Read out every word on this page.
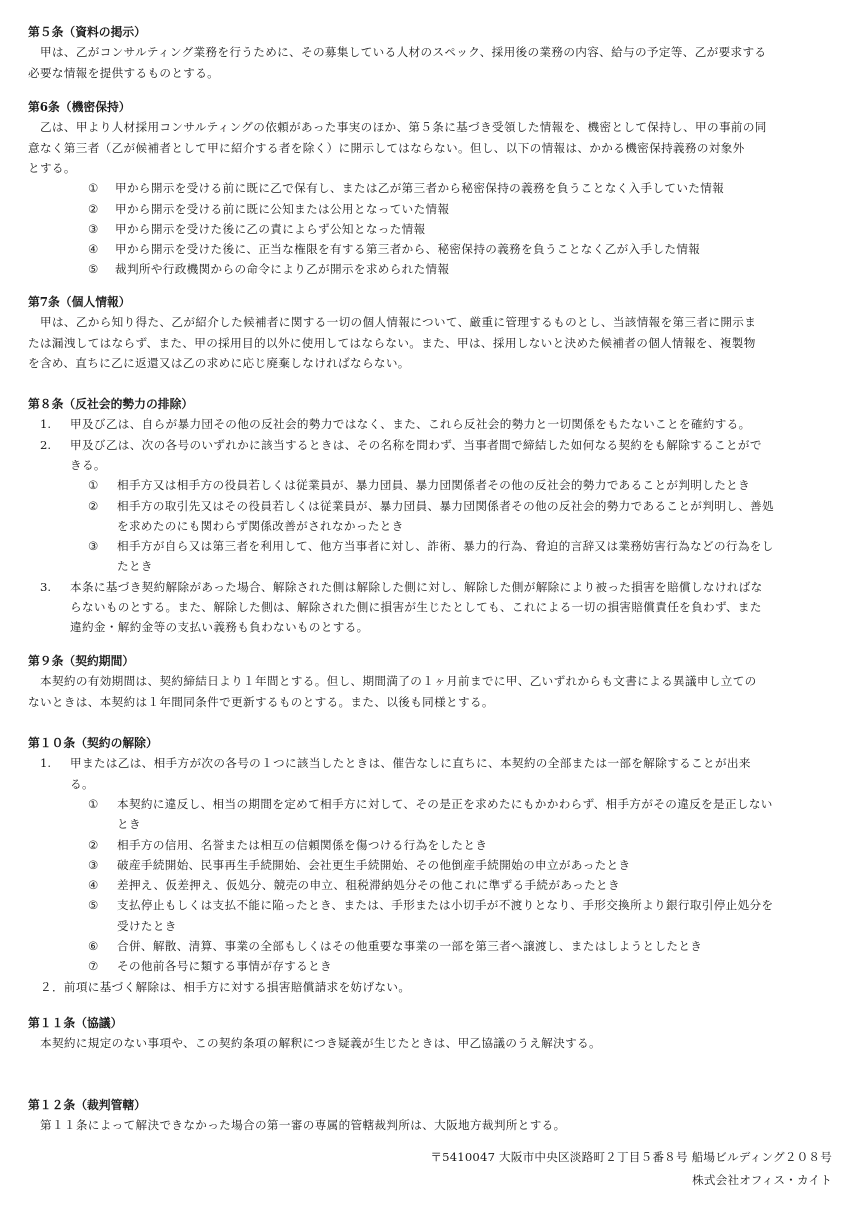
第５条（資料の掲示）
甲は、乙がコンサルティング業務を行うために、その募集している人材のスペック、採用後の業務の内容、給与の予定等、乙が要求する
必要な情報を提供するものとする。
第6条（機密保持）
乙は、甲より人材採用コンサルティングの依頼があった事実のほか、第５条に基づき受領した情報を、機密として保持し、甲の事前の同
意なく第三者（乙が候補者として甲に紹介する者を除く）に開示してはならない。但し、以下の情報は、かかる機密保持義務の対象外
とする。
① 甲から開示を受ける前に既に乙で保有し、または乙が第三者から秘密保持の義務を負うことなく入手していた情報
② 甲から開示を受ける前に既に公知または公用となっていた情報
③ 甲から開示を受けた後に乙の責によらず公知となった情報
④ 甲から開示を受けた後に、正当な権限を有する第三者から、秘密保持の義務を負うことなく乙が入手した情報
⑤ 裁判所や行政機関からの命令により乙が開示を求められた情報
第7条（個人情報）
甲は、乙から知り得た、乙が紹介した候補者に関する一切の個人情報について、厳重に管理するものとし、当該情報を第三者に開示ま
たは漏洩してはならず、また、甲の採用目的以外に使用してはならない。また、甲は、採用しないと決めた候補者の個人情報を、複製物
を含め、直ちに乙に返還又は乙の求めに応じ廃棄しなければならない。
第８条（反社会的勢力の排除）
1. 甲及び乙は、自らが暴力団その他の反社会的勢力ではなく、また、これら反社会的勢力と一切関係をもたないことを確約する。
2. 甲及び乙は、次の各号のいずれかに該当するときは、その名称を問わず、当事者間で締結した如何なる契約をも解除することがで
きる。
① 相手方又は相手方の役員若しくは従業員が、暴力団員、暴力団関係者その他の反社会的勢力であることが判明したとき
② 相手方の取引先又はその役員若しくは従業員が、暴力団員、暴力団関係者その他の反社会的勢力であることが判明し、善処
を求めたのにも関わらず関係改善がされなかったとき
③ 相手方が自ら又は第三者を利用して、他方当事者に対し、詐術、暴力的行為、脅迫的言辞又は業務妨害行為などの行為をし
たとき
3. 本条に基づき契約解除があった場合、解除された側は解除した側に対し、解除した側が解除により被った損害を賠償しなければな
らないものとする。また、解除した側は、解除された側に損害が生じたとしても、これによる一切の損害賠償責任を負わず、また
違約金・解約金等の支払い義務も負わないものとする。
第９条（契約期間）
本契約の有効期間は、契約締結日より１年間とする。但し、期間満了の１ヶ月前までに甲、乙いずれからも文書による異議申し立ての
ないときは、本契約は１年間同条件で更新するものとする。また、以後も同様とする。
第１０条（契約の解除）
1. 甲または乙は、相手方が次の各号の１つに該当したときは、催告なしに直ちに、本契約の全部または一部を解除することが出来
る。
① 本契約に違反し、相当の期間を定めて相手方に対して、その是正を求めたにもかかわらず、相手方がその違反を是正しない
とき
② 相手方の信用、名誉または相互の信頼関係を傷つける行為をしたとき
③ 破産手続開始、民事再生手続開始、会社更生手続開始、その他倒産手続開始の申立があったとき
④ 差押え、仮差押え、仮処分、競売の申立、租税滞納処分その他これに準ずる手続があったとき
⑤ 支払停止もしくは支払不能に陥ったとき、または、手形または小切手が不渡りとなり、手形交換所より銀行取引停止処分を
受けたとき
⑥ 合併、解散、清算、事業の全部もしくはその他重要な事業の一部を第三者へ譲渡し、またはしようとしたとき
⑦ その他前各号に類する事情が存するとき
２．前項に基づく解除は、相手方に対する損害賠償請求を妨げない。
第１１条（協議）
本契約に規定のない事項や、この契約条項の解釈につき疑義が生じたときは、甲乙協議のうえ解決する。
第１２条（裁判管轄）
第１１条によって解決できなかった場合の第一審の専属的管轄裁判所は、大阪地方裁判所とする。
〒5410047 大阪市中央区淡路町２丁目５番８号 船場ビルディング２０８号
株式会社オフィス・カイト
